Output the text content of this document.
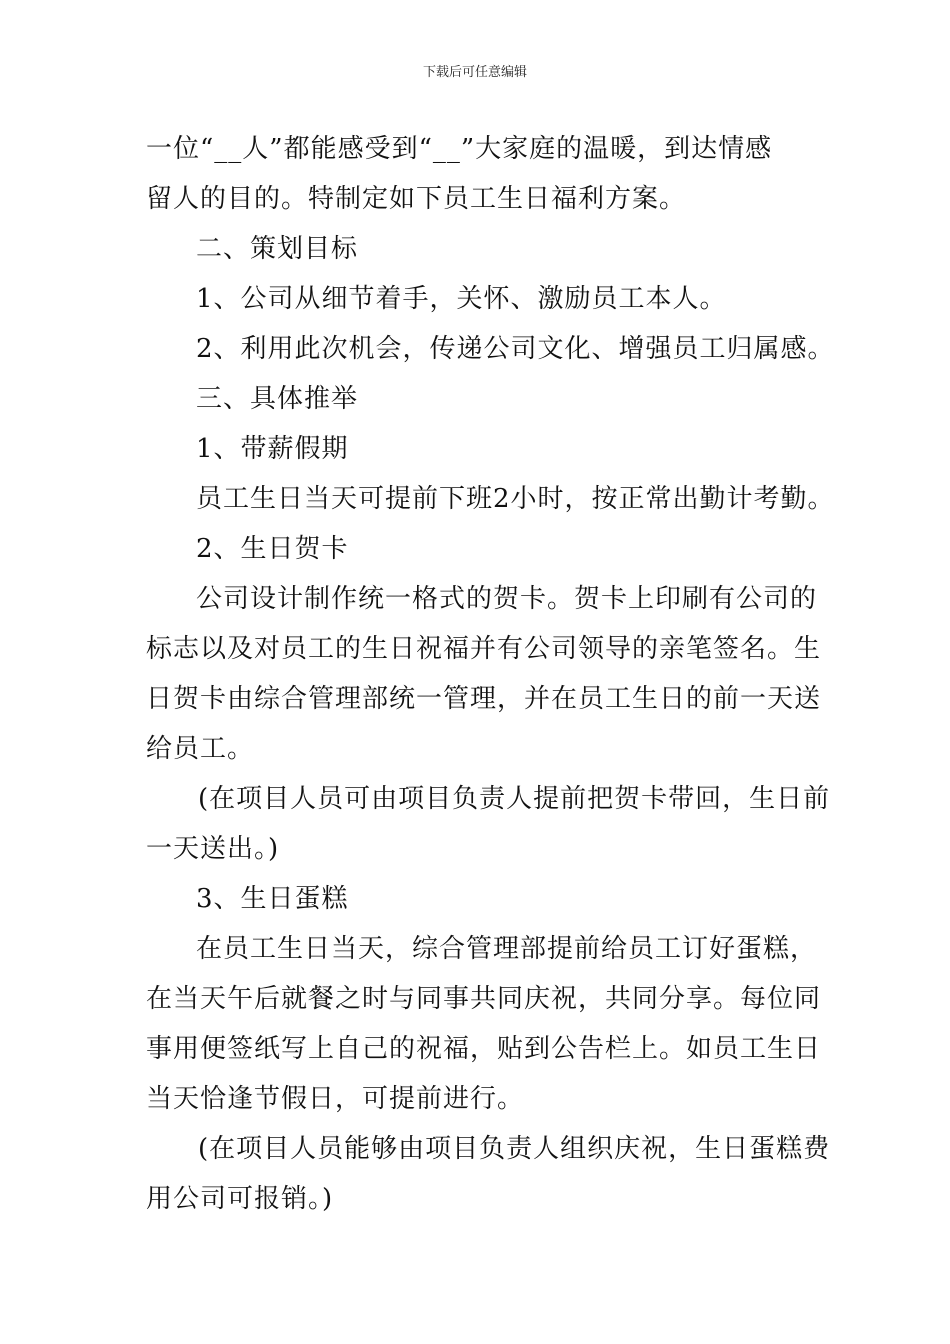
下载后可任意编辑
一位“__人”都能感受到“__”大家庭的温暖，到达情感
留人的目的。特制定如下员工生日福利方案。
二、策划目标
1、公司从细节着手，关怀、激励员工本人。
2、利用此次机会，传递公司文化、增强员工归属感。
三、具体推举
1、带薪假期
员工生日当天可提前下班2小时，按正常出勤计考勤。
2、生日贺卡
公司设计制作统一格式的贺卡。贺卡上印刷有公司的
标志以及对员工的生日祝福并有公司领导的亲笔签名。生
日贺卡由综合管理部统一管理，并在员工生日的前一天送
给员工。
(在项目人员可由项目负责人提前把贺卡带回，生日前
一天送出。)
3、生日蛋糕
在员工生日当天，综合管理部提前给员工订好蛋糕，
在当天午后就餐之时与同事共同庆祝，共同分享。每位同
事用便签纸写上自己的祝福，贴到公告栏上。如员工生日
当天恰逢节假日，可提前进行。
(在项目人员能够由项目负责人组织庆祝，生日蛋糕费
用公司可报销。)
